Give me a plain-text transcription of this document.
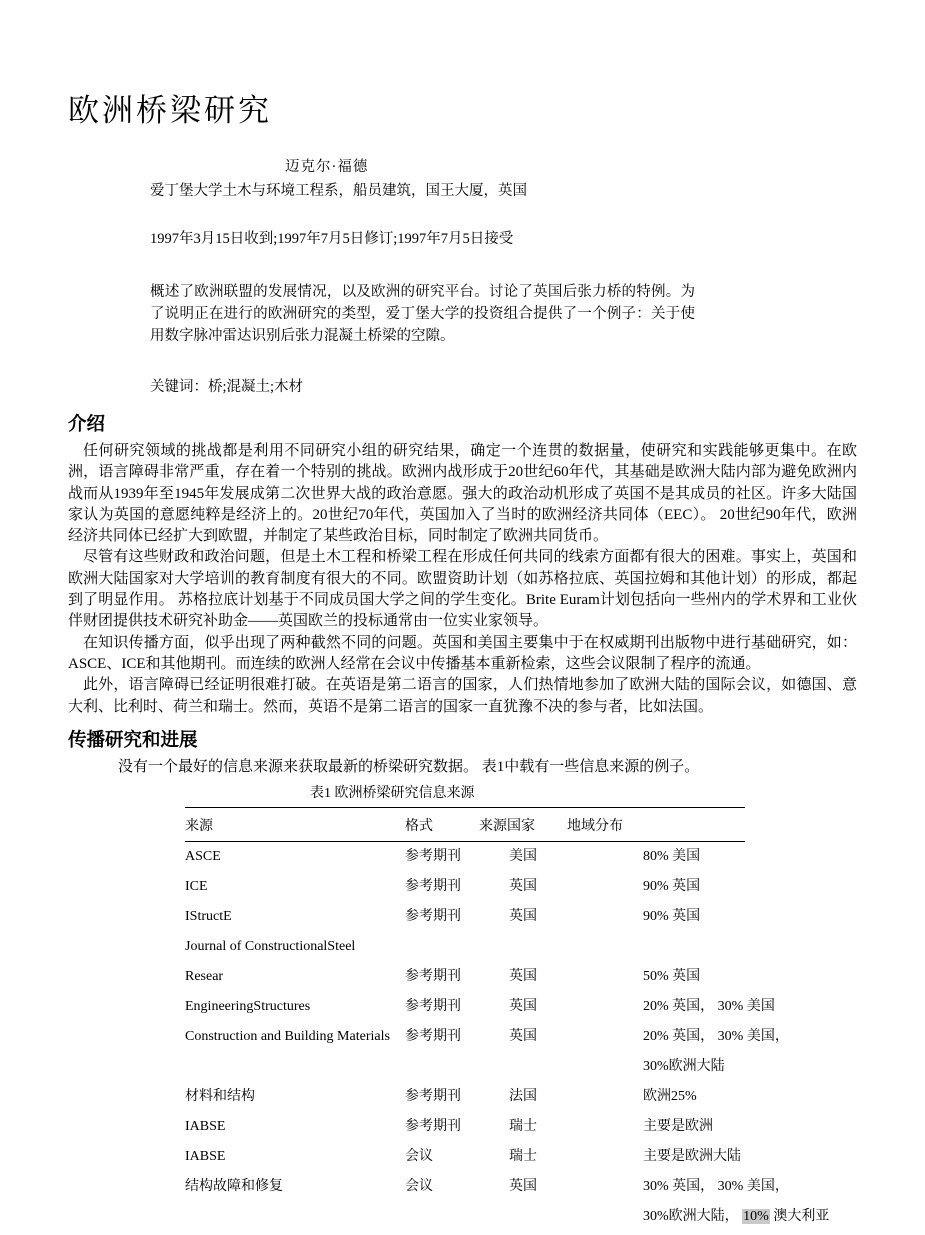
欧洲桥梁研究

迈克尔·福德

爱丁堡大学土木与环境工程系，船员建筑，国王大厦，英国

1997年3月15日收到;1997年7月5日修订;1997年7月5日接受

概述了欧洲联盟的发展情况，以及欧洲的研究平台。讨论了英国后张力桥的特例。为了说明正在进行的欧洲研究的类型，爱丁堡大学的投资组合提供了一个例子：关于使用数字脉冲雷达识别后张力混凝土桥梁的空隙。

关键词：桥;混凝土;木材

介绍

任何研究领域的挑战都是利用不同研究小组的研究结果，确定一个连贯的数据量，使研究和实践能够更集中。在欧洲，语言障碍非常严重，存在着一个特别的挑战。欧洲内战形成于20世纪60年代，其基础是欧洲大陆内部为避免欧洲内战而从1939年至1945年发展成第二次世界大战的政治意愿。强大的政治动机形成了英国不是其成员的社区。许多大陆国家认为英国的意愿纯粹是经济上的。20世纪70年代，英国加入了当时的欧洲经济共同体（EEC）。 20世纪90年代，欧洲经济共同体已经扩大到欧盟，并制定了某些政治目标，同时制定了欧洲共同货币。

尽管有这些财政和政治问题，但是土木工程和桥梁工程在形成任何共同的线索方面都有很大的困难。事实上，英国和欧洲大陆国家对大学培训的教育制度有很大的不同。欧盟资助计划（如苏格拉底、英国拉姆和其他计划）的形成，都起到了明显作用。 苏格拉底计划基于不同成员国大学之间的学生变化。Brite Euram计划包括向一些州内的学术界和工业伙伴财团提供技术研究补助金——英国欧兰的投标通常由一位实业家领导。

在知识传播方面，似乎出现了两种截然不同的问题。英国和美国主要集中于在权威期刊出版物中进行基础研究，如：ASCE、ICE和其他期刊。而连续的欧洲人经常在会议中传播基本重新检索，这些会议限制了程序的流通。

此外，语言障碍已经证明很难打破。在英语是第二语言的国家，人们热情地参加了欧洲大陆的国际会议，如德国、意大利、比利时、荷兰和瑞士。然而，英语不是第二语言的国家一直犹豫不决的参与者，比如法国。

传播研究和进展

没有一个最好的信息来源来获取最新的桥梁研究数据。 表1中载有一些信息来源的例子。

表1 欧洲桥梁研究信息来源
来源	格式	来源国家	地域分布
ASCE	参考期刊	美国	80% 美国
ICE	参考期刊	英国	90% 英国
IStructE	参考期刊	英国	90% 英国
Journal of ConstructionalSteel			
Resear	参考期刊	英国	50% 英国
EngineeringStructures	参考期刊	英国	20% 英国， 30% 美国
Construction and Building Materials	参考期刊	英国	20% 英国， 30% 美国，
			30%欧洲大陆
材料和结构	参考期刊	法国	欧洲25%
IABSE	参考期刊	瑞士	主要是欧洲
IABSE	会议	瑞士	主要是欧洲大陆
结构故障和修复	会议	英国	30% 英国， 30% 美国，
			30%欧洲大陆， 10% 澳大利亚
